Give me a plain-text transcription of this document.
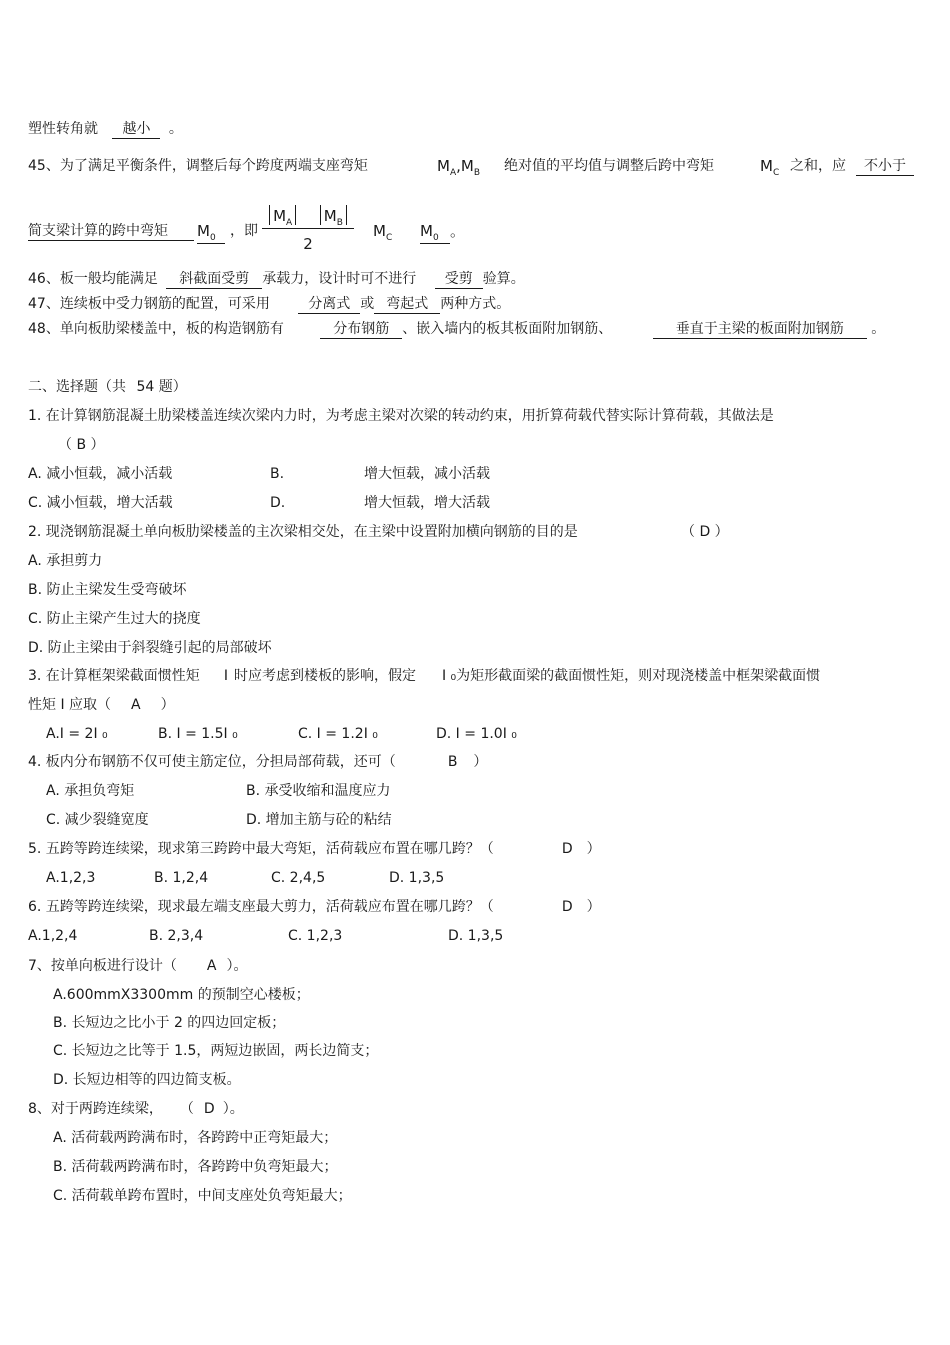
塑性转角就 越小 。
45、为了满足平衡条件，调整后每个跨度两端支座弯矩	$M_A,M_B$ 绝对值的平均值与调整后跨中弯矩	$M_C$ 之和，应	不小于
简支梁计算的跨中弯矩	$M_0$	，即
$M_A$ $M_B$
2
$M_C$ $M_0$ 。
46、板一般均能满足 斜截面受剪 承载力，设计时可不进行 受剪 验算。
47、连续板中受力钢筋的配置，可采用	分离式 或 弯起式 两种方式。
48、单向板肋梁楼盖中，板的构造钢筋有	分布钢筋 、嵌入墙内的板其板面附加钢筋、	垂直于主梁的板面附加钢筋 。
二、选择题（共 54 题）
1. 在计算钢筋混凝土肋梁楼盖连续次梁内力时，为考虑主梁对次梁的转动约束，用折算荷载代替实际计算荷载，其做法是
（ B ）
A. 减小恒载，减小活载	B.	增大恒载，减小活载
C. 减小恒载，增大活载	D.	增大恒载，增大活载
2. 现浇钢筋混凝土单向板肋梁楼盖的主次梁相交处，在主梁中设置附加横向钢筋的目的是	（ D ）
A. 承担剪力
B. 防止主梁发生受弯破坏
C. 防止主梁产生过大的挠度
D. 防止主梁由于斜裂缝引起的局部破坏
3. 在计算框架梁截面惯性矩 I 时应考虑到楼板的影响，假定 I ₀为矩形截面梁的截面惯性矩，则对现浇楼盖中框架梁截面惯
性矩 I 应取（ A ）
A.I = 2I ₀	B. I = 1.5I ₀	C. I = 1.2I ₀	D. I = 1.0I ₀
4. 板内分布钢筋不仅可使主筋定位，分担局部荷载，还可（	B ）
A. 承担负弯矩	B. 承受收缩和温度应力
C. 减少裂缝宽度	D. 增加主筋与砼的粘结
5. 五跨等跨连续梁，现求第三跨跨中最大弯矩，活荷载应布置在哪几跨？（	D ）
A.1,2,3	B. 1,2,4	C. 2,4,5	D. 1,3,5
6. 五跨等跨连续梁，现求最左端支座最大剪力，活荷载应布置在哪几跨？（	D ）
A.1,2,4	B. 2,3,4	C. 1,2,3	D. 1,3,5
7、按单向板进行设计（ A ）。
A.600mmX3300mm 的预制空心楼板；
B. 长短边之比小于 2 的四边回定板；
C. 长短边之比等于 1.5，两短边嵌固，两长边简支；
D. 长短边相等的四边简支板。
8、对于两跨连续梁， （ D ）。
A. 活荷载两跨满布时，各跨跨中正弯矩最大；
B. 活荷载两跨满布时，各跨跨中负弯矩最大；
C. 活荷载单跨布置时，中间支座处负弯矩最大；
